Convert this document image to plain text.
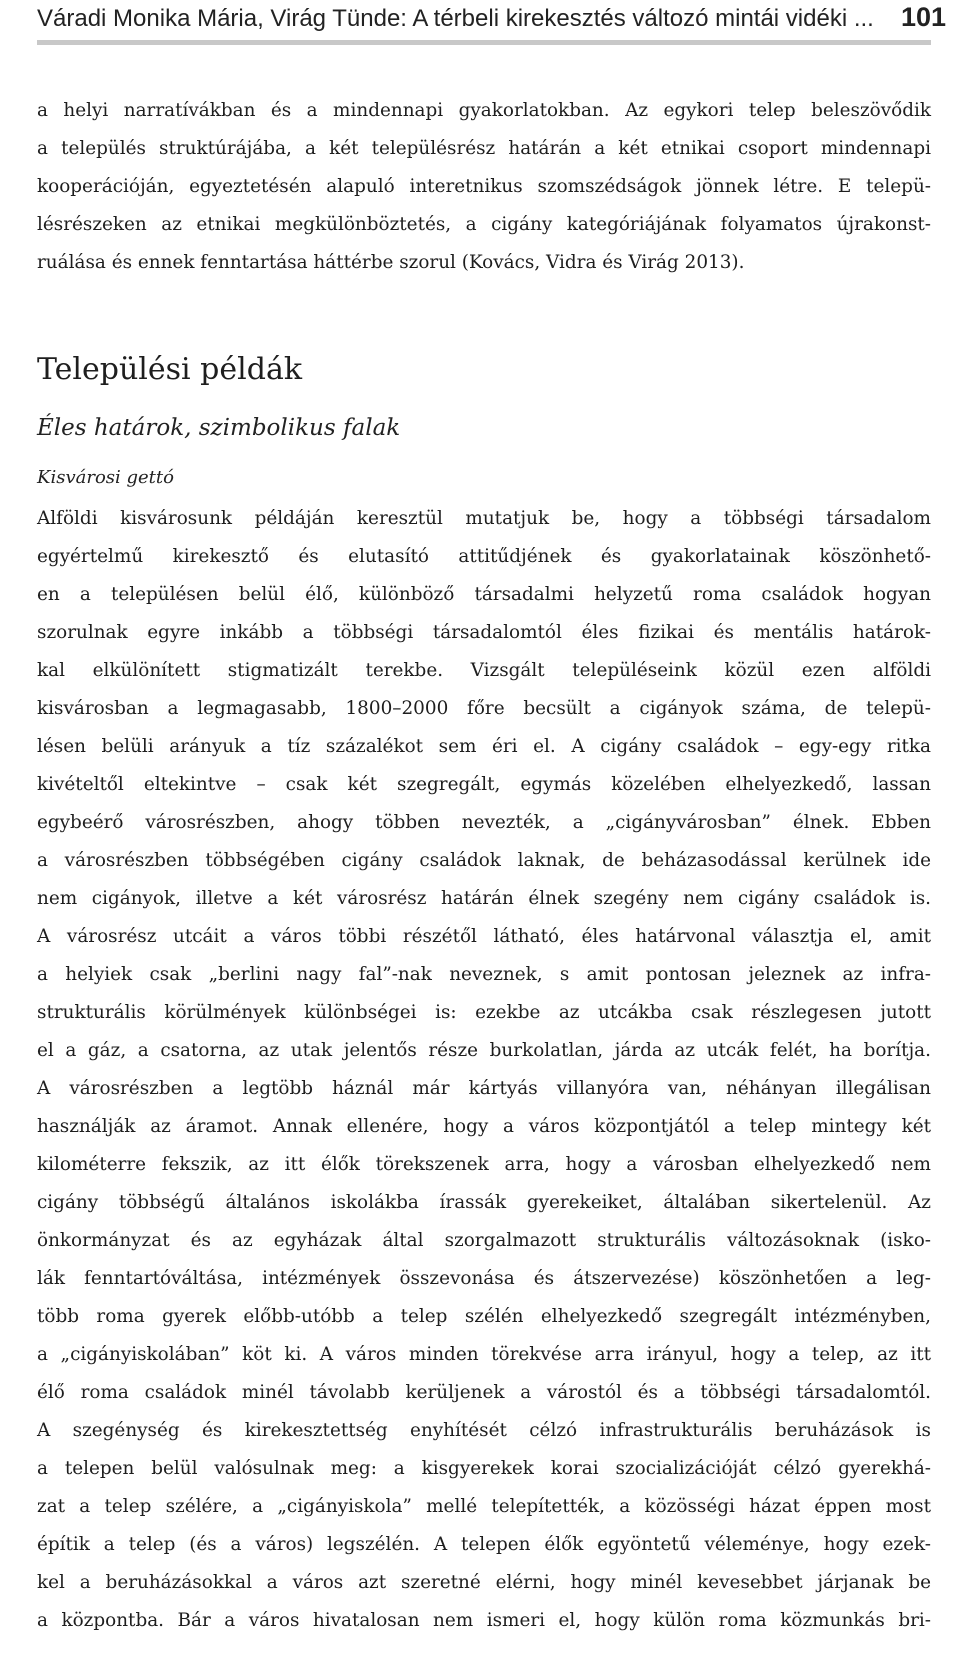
Váradi Monika Mária, Virág Tünde: A térbeli kirekesztés változó mintái vidéki ...	101
a helyi narratívákban és a mindennapi gyakorlatokban. Az egykori telep beleszövődik
a település struktúrájába, a két településrész határán a két etnikai csoport mindennapi
kooperációján, egyeztetésén alapuló interetnikus szomszédságok jönnek létre. E telepü-
lésrészeken az etnikai megkülönböztetés, a cigány kategóriájának folyamatos újrakonst-
ruálása és ennek fenntartása háttérbe szorul (Kovács, Vidra és Virág 2013).
Települési példák
Éles határok, szimbolikus falak
Kisvárosi gettó
Alföldi kisvárosunk példáján keresztül mutatjuk be, hogy a többségi társadalom
egyértelmű kirekesztő és elutasító attitűdjének és gyakorlatainak köszönhető-
en a településen belül élő, különböző társadalmi helyzetű roma családok hogyan
szorulnak egyre inkább a többségi társadalomtól éles fizikai és mentális határok-
kal elkülönített stigmatizált terekbe. Vizsgált településeink közül ezen alföldi
kisvárosban a legmagasabb, 1800–2000 főre becsült a cigányok száma, de telepü-
lésen belüli arányuk a tíz százalékot sem éri el. A cigány családok – egy-egy ritka
kivételtől eltekintve – csak két szegregált, egymás közelében elhelyezkedő, lassan
egybeérő városrészben, ahogy többen nevezték, a „cigányvárosban” élnek. Ebben
a városrészben többségében cigány családok laknak, de beházasodással kerülnek ide
nem cigányok, illetve a két városrész határán élnek szegény nem cigány családok is.
A városrész utcáit a város többi részétől látható, éles határvonal választja el, amit
a helyiek csak „berlini nagy fal”-nak neveznek, s amit pontosan jeleznek az infra-
strukturális körülmények különbségei is: ezekbe az utcákba csak részlegesen jutott
el a gáz, a csatorna, az utak jelentős része burkolatlan, járda az utcák felét, ha borítja.
A városrészben a legtöbb háznál már kártyás villanyóra van, néhányan illegálisan
használják az áramot. Annak ellenére, hogy a város központjától a telep mintegy két
kilométerre fekszik, az itt élők törekszenek arra, hogy a városban elhelyezkedő nem
cigány többségű általános iskolákba írassák gyerekeiket, általában sikertelenül. Az
önkormányzat és az egyházak által szorgalmazott strukturális változásoknak (isko-
lák fenntartóváltása, intézmények összevonása és átszervezése) köszönhetően a leg-
több roma gyerek előbb-utóbb a telep szélén elhelyezkedő szegregált intézményben,
a „cigányiskolában” köt ki. A város minden törekvése arra irányul, hogy a telep, az itt
élő roma családok minél távolabb kerüljenek a várostól és a többségi társadalomtól.
A szegénység és kirekesztettség enyhítését célzó infrastrukturális beruházások is
a telepen belül valósulnak meg: a kisgyerekek korai szocializációját célzó gyerekhá-
zat a telep szélére, a „cigányiskola” mellé telepítették, a közösségi házat éppen most
építik a telep (és a város) legszélén. A telepen élők egyöntetű véleménye, hogy ezek-
kel a beruházásokkal a város azt szeretné elérni, hogy minél kevesebbet járjanak be
a központba. Bár a város hivatalosan nem ismeri el, hogy külön roma közmunkás bri-
